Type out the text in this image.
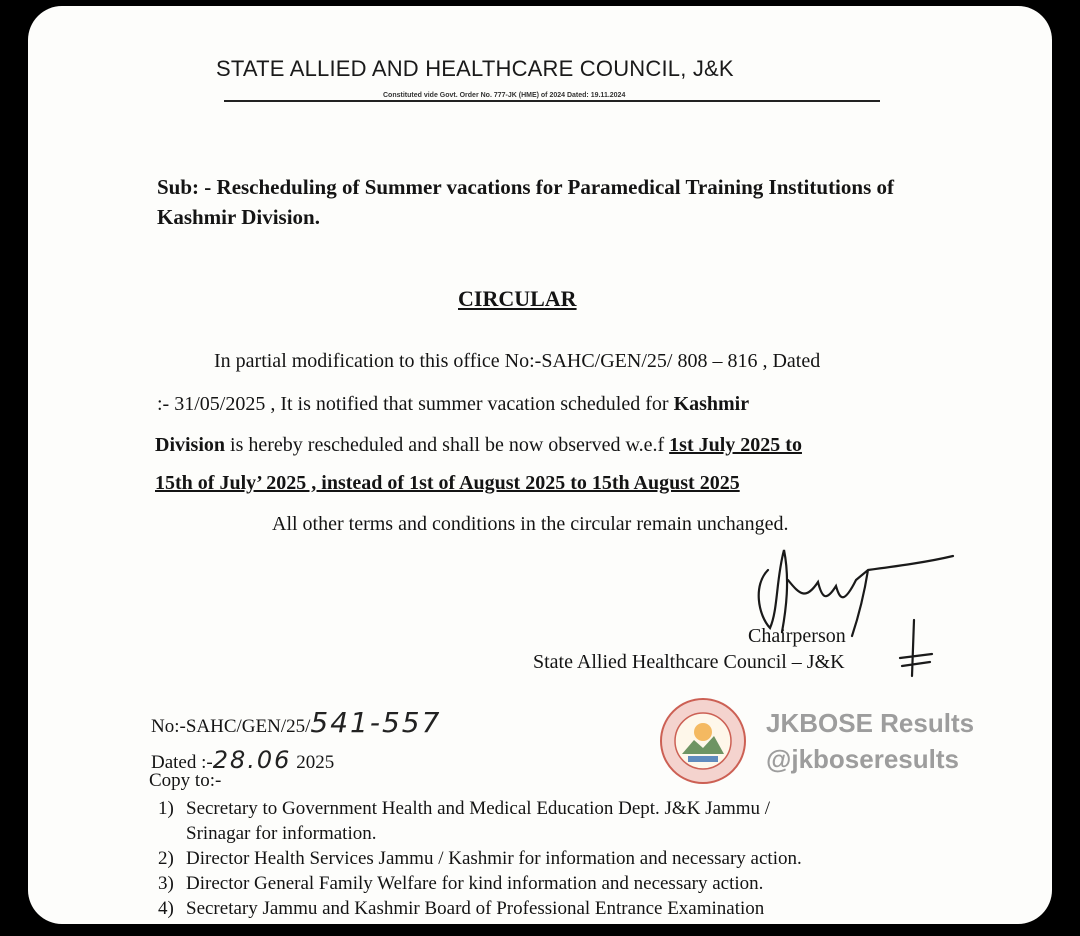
STATE ALLIED AND HEALTHCARE COUNCIL, J&K
Constituted vide Govt. Order No. 777-JK (HME) of 2024 Dated: 19.11.2024
Sub: - Rescheduling of Summer vacations for Paramedical Training Institutions of Kashmir Division.
CIRCULAR
In partial modification to this office No:-SAHC/GEN/25/ 808 – 816 , Dated
:- 31/05/2025 , It is notified that summer vacation scheduled for Kashmir
Division is hereby rescheduled and shall be now observed w.e.f 1st July 2025 to
15th of July’ 2025 , instead of 1st of August 2025 to 15th August 2025
All other terms and conditions in the circular remain unchanged.
Chairperson
State Allied Healthcare Council – J&K
No:-SAHC/GEN/25/541-557
Dated :-28.06 2025
Copy to:-
1) Secretary to Government Health and Medical Education Dept. J&K Jammu /
Srinagar for information.
2) Director Health Services Jammu / Kashmir for information and necessary action.
3) Director General Family Welfare for kind information and necessary action.
4) Secretary Jammu and Kashmir Board of Professional Entrance Examination
JKBOSE Results
@jkboseresults
